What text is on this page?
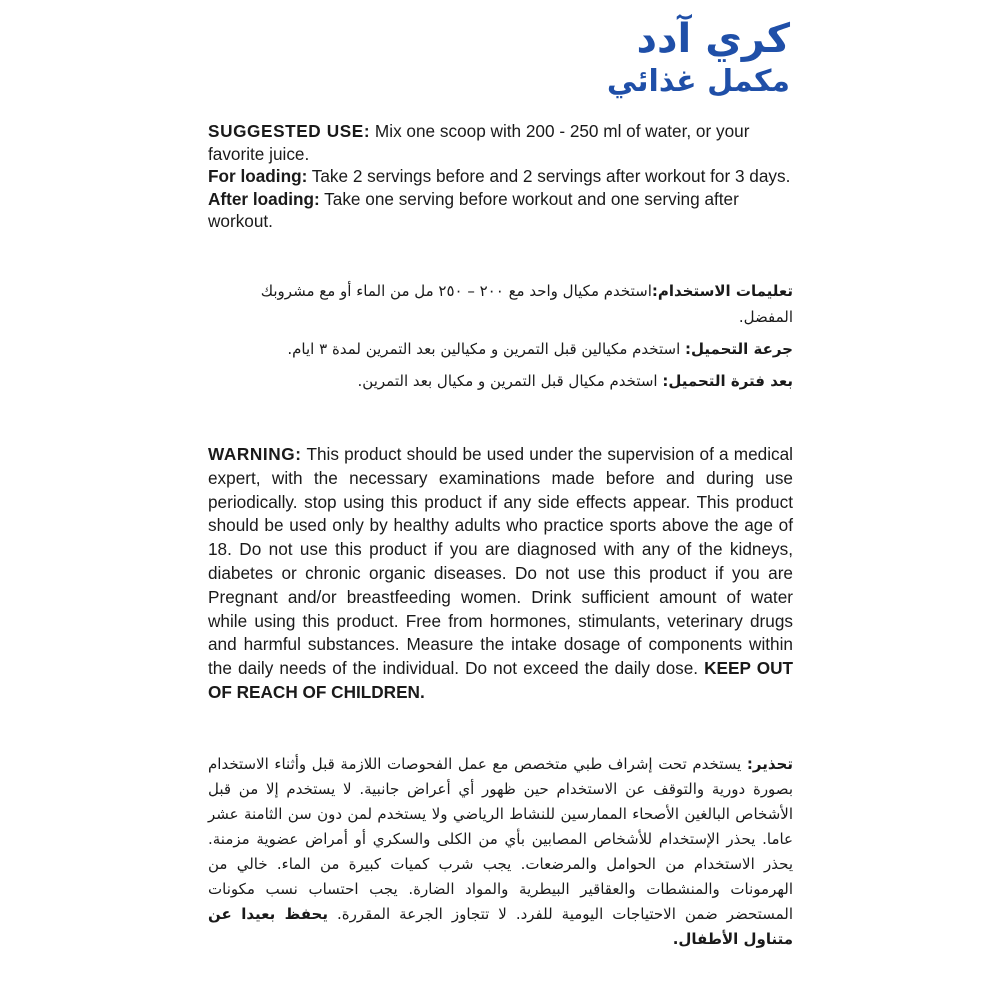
كري آدد
مكمل غذائي
SUGGESTED USE: Mix one scoop with 200 - 250 ml of water, or your favorite juice.
For loading: Take 2 servings before and 2 servings after workout for 3 days.
After loading: Take one serving before workout and one serving after workout.
تعليمات الاستخدام:استخدم مكيال واحد مع ٢٠٠ – ٢٥٠ مل من الماء أو مع مشروبك المفضل.
جرعة التحميل: استخدم مكيالين قبل التمرين و مكيالين بعد التمرين لمدة ٣ ايام.
بعد فترة التحميل: استخدم مكيال قبل التمرين و مكيال بعد التمرين.
WARNING: This product should be used under the supervision of a medical expert, with the necessary examinations made before and during use periodically. stop using this product if any side effects appear. This product should be used only by healthy adults who practice sports above the age of 18. Do not use this product if you are diagnosed with any of the kidneys, diabetes or chronic organic diseases. Do not use this product if you are Pregnant and/or breastfeeding women. Drink sufficient amount of water while using this product. Free from hormones, stimulants, veterinary drugs and harmful substances. Measure the intake dosage of components within the daily needs of the individual. Do not exceed the daily dose. KEEP OUT OF REACH OF CHILDREN.
تحذير: يستخدم تحت إشراف طبي متخصص مع عمل الفحوصات اللازمة قبل وأثناء الاستخدام بصورة دورية والتوقف عن الاستخدام حين ظهور أي أعراض جانبية. لا يستخدم إلا من قبل الأشخاص البالغين الأصحاء الممارسين للنشاط الرياضي ولا يستخدم لمن دون سن الثامنة عشر عاما. يحذر الإستخدام للأشخاص المصابين بأي من الكلى والسكري أو أمراض عضوية مزمنة. يحذر الاستخدام من الحوامل والمرضعات. يجب شرب كميات كبيرة من الماء. خالي من الهرمونات والمنشطات والعقاقير البيطرية والمواد الضارة. يجب احتساب نسب مكونات المستحضر ضمن الاحتياجات اليومية للفرد. لا تتجاوز الجرعة المقررة. يحفظ بعيدا عن متناول الأطفال.
